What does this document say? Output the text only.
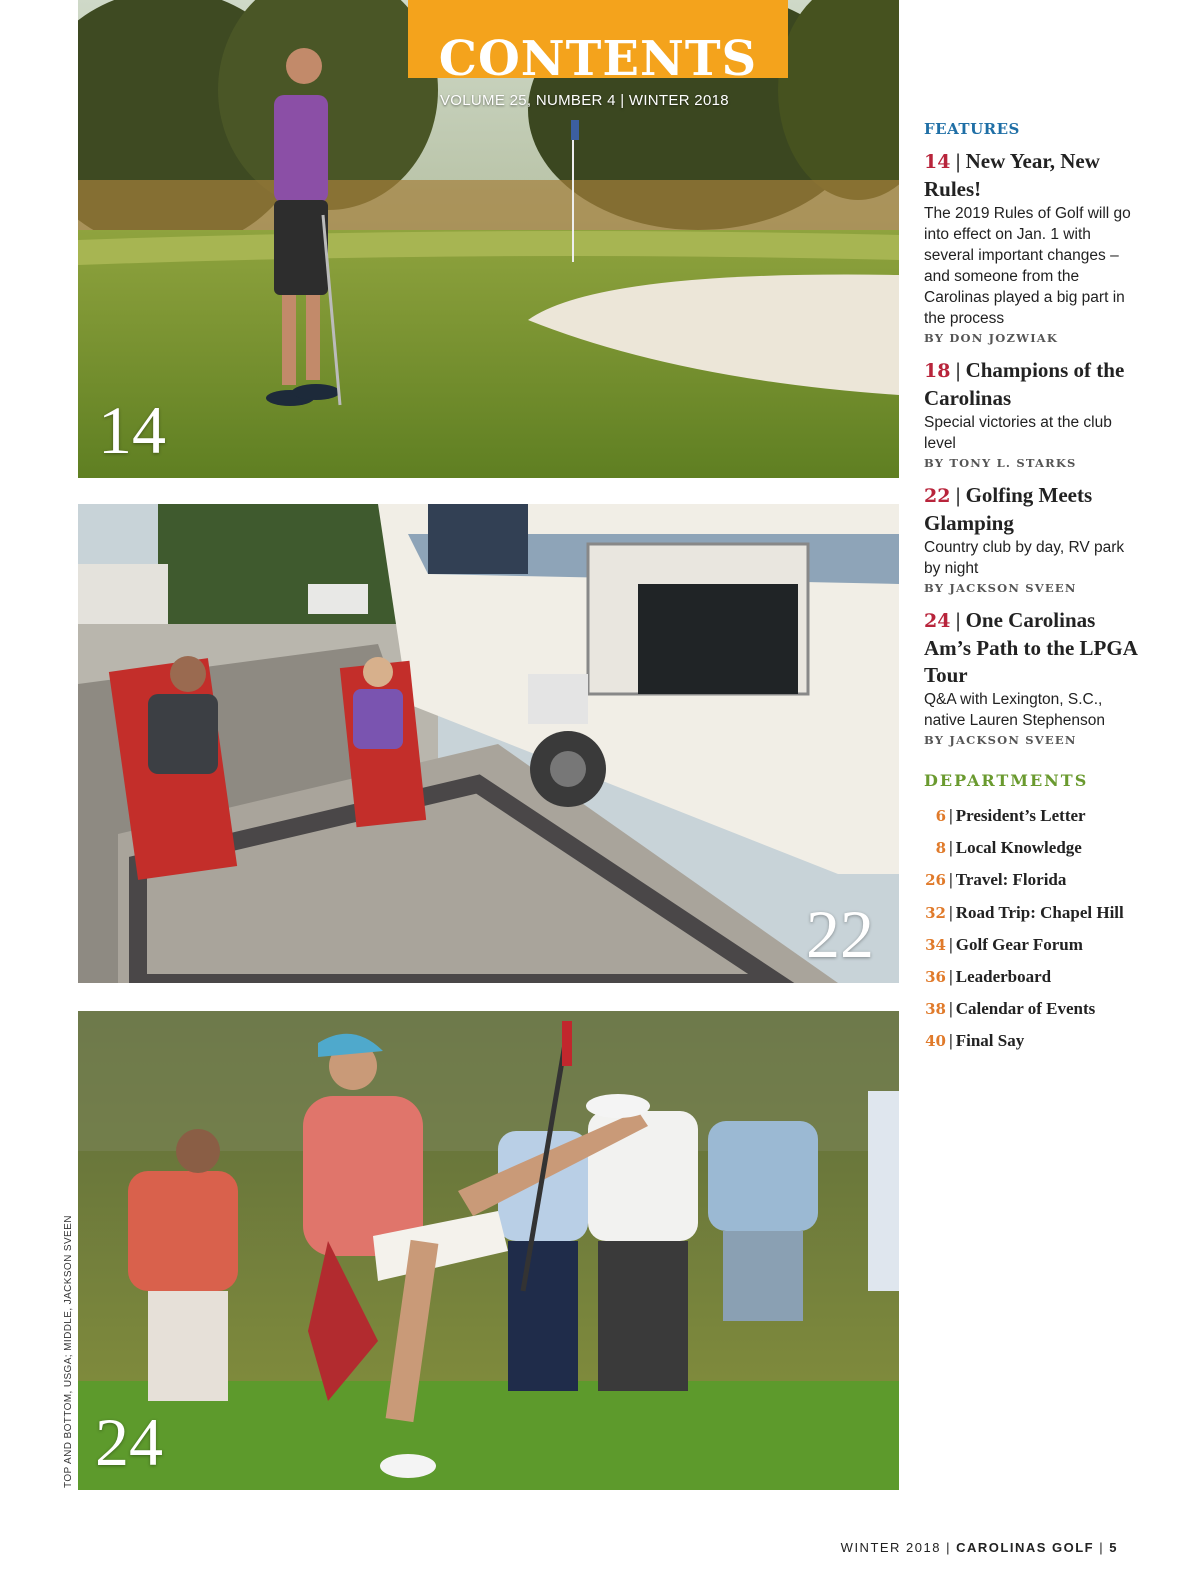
14
CONTENTS
VOLUME 25, NUMBER 4 | WINTER 2018
22
24
TOP AND BOTTOM, USGA; MIDDLE, JACKSON SVEEN
FEATURES
14 | New Year, New Rules!
The 2019 Rules of Golf will go into effect on Jan. 1 with several important changes – and someone from the Carolinas played a big part in the process
BY DON JOZWIAK
18 | Champions of the Carolinas
Special victories at the club level
BY TONY L. STARKS
22 | Golfing Meets Glamping
Country club by day, RV park by night
BY JACKSON SVEEN
24 | One Carolinas Am’s Path to the LPGA Tour
Q&A with Lexington, S.C., native Lauren Stephenson
BY JACKSON SVEEN
DEPARTMENTS
6 | President’s Letter
8 | Local Knowledge
26 | Travel: Florida
32 | Road Trip: Chapel Hill
34 | Golf Gear Forum
36 | Leaderboard
38 | Calendar of Events
40 | Final Say
WINTER 2018 | CAROLINAS GOLF | 5
